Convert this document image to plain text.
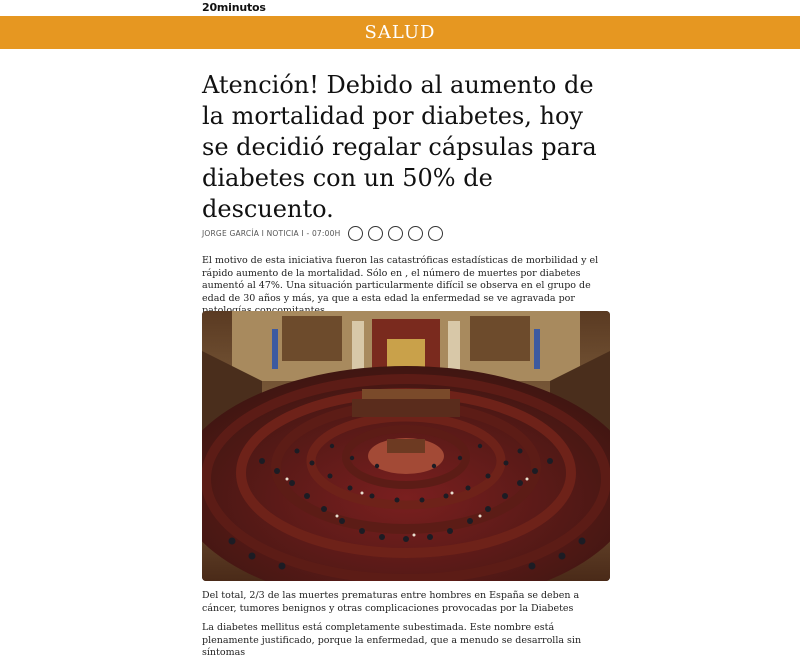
20minutos
SALUD
Atención! Debido al aumento de la mortalidad por diabetes, hoy se decidió regalar cápsulas para diabetes con un 50% de descuento.
JORGE GARCÍA I NOTICIA I - 07:00H

El motivo de esta iniciativa fueron las catastróficas estadísticas de morbilidad y el rápido aumento de la mortalidad. Sólo en , el número de muertes por diabetes aumentó al 47%. Una situación particularmente difícil se observa en el grupo de edad de 30 años y más, ya que a esta edad la enfermedad se ve agravada por

Del total, 2/3 de las muertes prematuras entre hombres en España se deben a cáncer, tumores benignos y otras complicaciones provocadas por la Diabetes

La diabetes mellitus está completamente subestimada. Este nombre está plenamente justificado, porque la enfermedad, que a menudo se desarrolla sin síntomas
